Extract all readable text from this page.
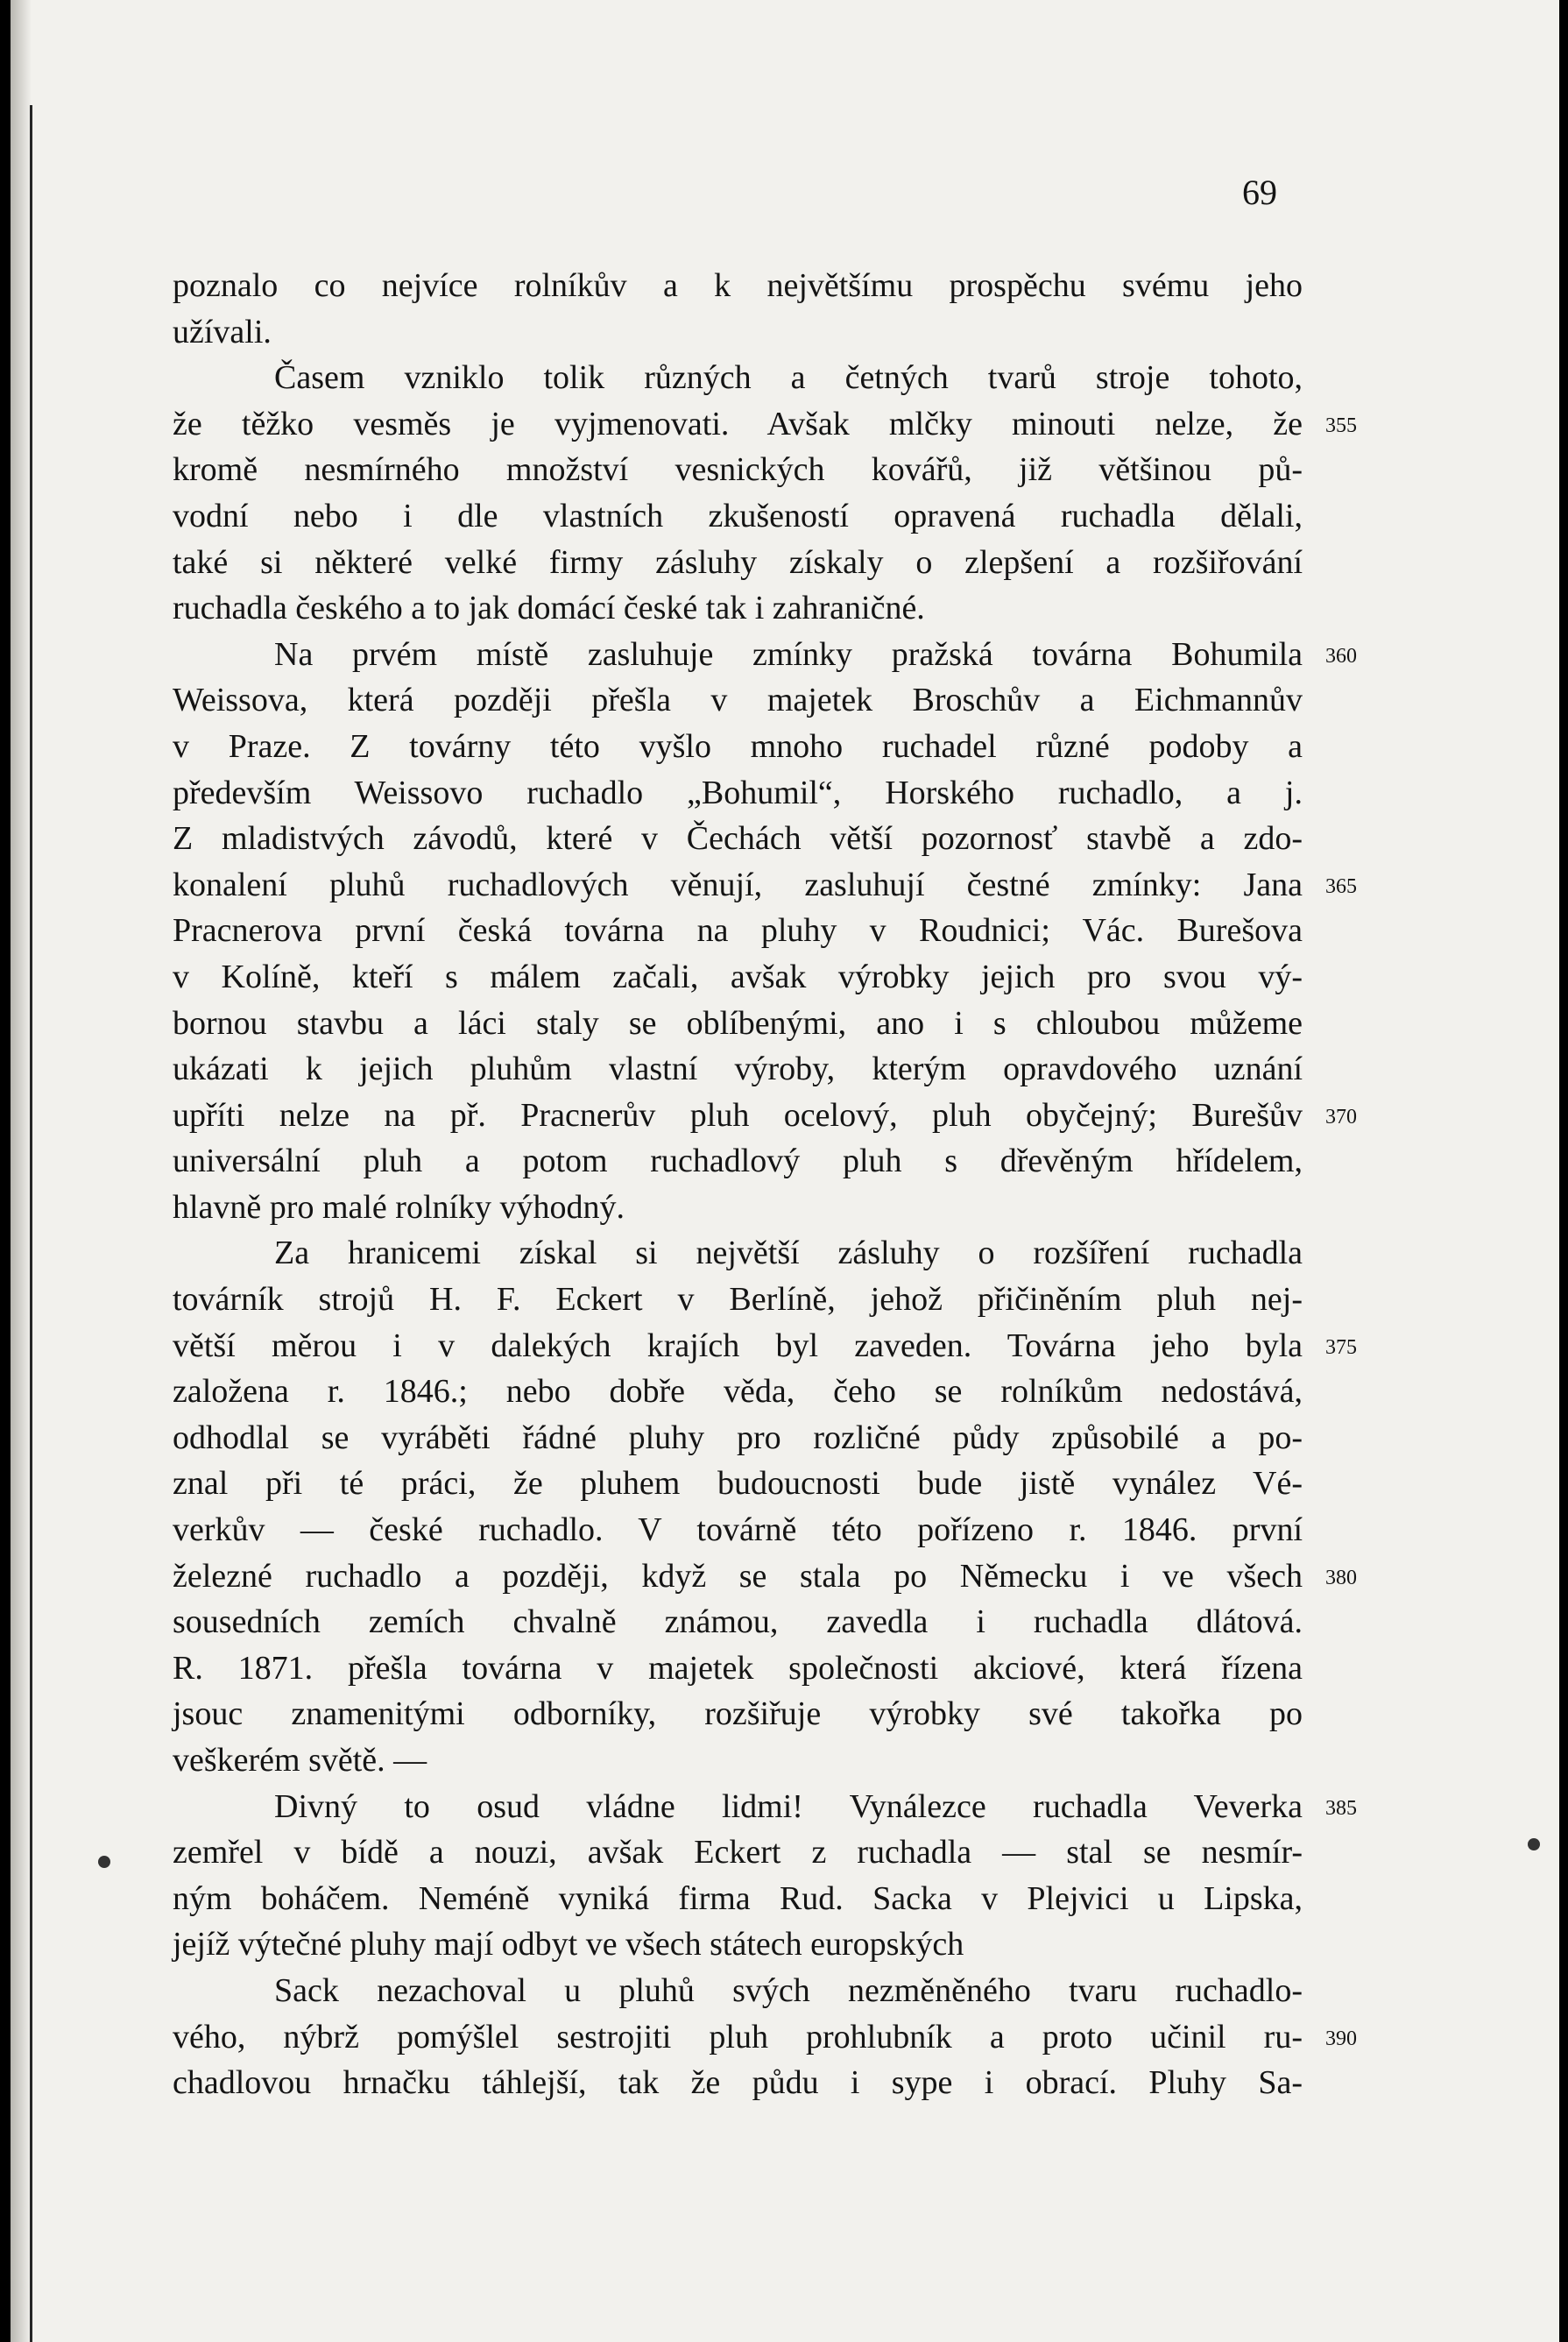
69
poznalo co nejvíce rolníkův a k největšímu prospěchu svému jeho
užívali.
Časem vzniklo tolik různých a četných tvarů stroje tohoto,
že těžko vesměs je vyjmenovati. Avšak mlčky minouti nelze, že 355
kromě nesmírného množství vesnických kovářů, již většinou pů-
vodní nebo i dle vlastních zkušeností opravená ruchadla dělali,
také si některé velké firmy zásluhy získaly o zlepšení a rozšiřování
ruchadla českého a to jak domácí české tak i zahraničné.
Na prvém místě zasluhuje zmínky pražská továrna Bohumila 360
Weissova, která později přešla v majetek Broschův a Eichmannův
v Praze. Z továrny této vyšlo mnoho ruchadel různé podoby a
především Weissovo ruchadlo „Bohumil“, Horského ruchadlo, a j.
Z mladistvých závodů, které v Čechách větší pozornosť stavbě a zdo-
konalení pluhů ruchadlových věnují, zasluhují čestné zmínky: Jana 365
Pracnerova první česká továrna na pluhy v Roudnici; Vác. Burešova
v Kolíně, kteří s málem začali, avšak výrobky jejich pro svou vý-
bornou stavbu a láci staly se oblíbenými, ano i s chloubou můžeme
ukázati k jejich pluhům vlastní výroby, kterým opravdového uznání
upříti nelze na př. Pracnerův pluh ocelový, pluh obyčejný; Burešův 370
universální pluh a potom ruchadlový pluh s dřevěným hřídelem,
hlavně pro malé rolníky výhodný.
Za hranicemi získal si největší zásluhy o rozšíření ruchadla
továrník strojů H. F. Eckert v Berlíně, jehož přičiněním pluh nej-
větší měrou i v dalekých krajích byl zaveden. Továrna jeho byla 375
založena r. 1846.; nebo dobře věda, čeho se rolníkům nedostává,
odhodlal se vyráběti řádné pluhy pro rozličné půdy způsobilé a po-
znal při té práci, že pluhem budoucnosti bude jistě vynález Vé-
verkův — české ruchadlo. V továrně této pořízeno r. 1846. první
železné ruchadlo a později, když se stala po Německu i ve všech 380
sousedních zemích chvalně známou, zavedla i ruchadla dlátová.
R. 1871. přešla továrna v majetek společnosti akciové, která řízena
jsouc znamenitými odborníky, rozšiřuje výrobky své takořka po
veškerém světě. —
Divný to osud vládne lidmi! Vynálezce ruchadla Veverka 385
zemřel v bídě a nouzi, avšak Eckert z ruchadla — stal se nesmír-
ným boháčem. Neméně vyniká firma Rud. Sacka v Plejvici u Lipska,
jejíž výtečné pluhy mají odbyt ve všech státech europských
Sack nezachoval u pluhů svých nezměněného tvaru ruchadlo-
vého, nýbrž pomýšlel sestrojiti pluh prohlubník a proto učinil ru- 390
chadlovou hrnačku táhlejší, tak že půdu i sype i obrací. Pluhy Sa-
